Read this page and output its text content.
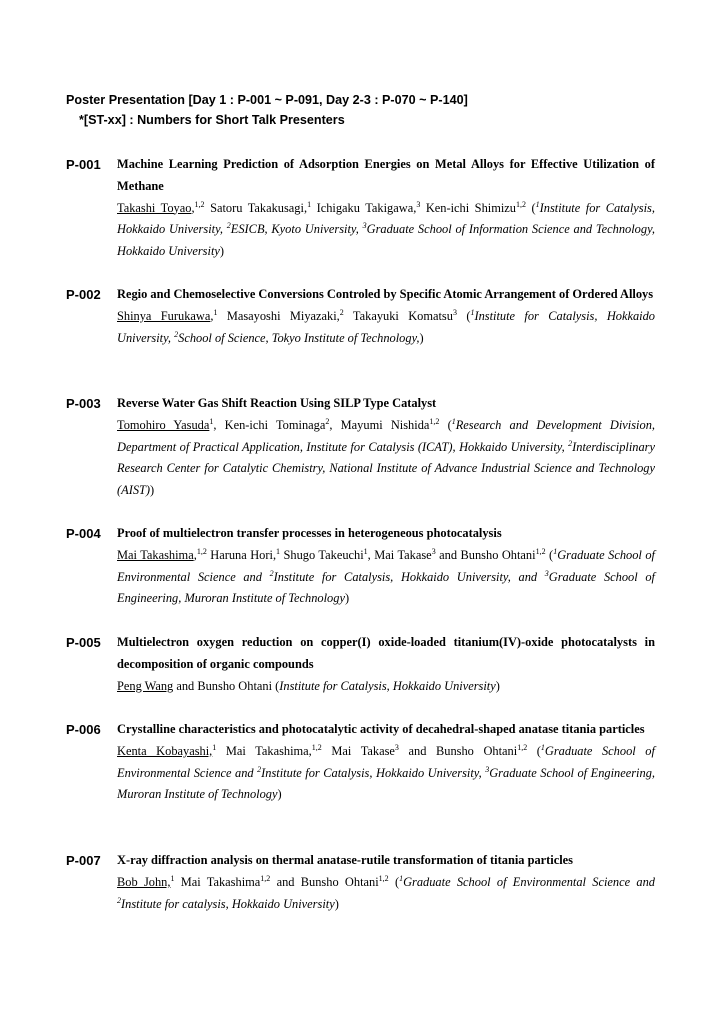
Poster Presentation [Day 1 : P-001 ~ P-091, Day 2-3 : P-070 ~ P-140]
*[ST-xx] : Numbers for Short Talk Presenters
P-001 Machine Learning Prediction of Adsorption Energies on Metal Alloys for Effective Utilization of Methane
Takashi Toyao,$^{1,2}$ Satoru Takakusagi,$^1$ Ichigaku Takigawa,$^3$ Ken-ichi Shimizu$^{1,2}$ ($^1$Institute for Catalysis, Hokkaido University, $^2$ESICB, Kyoto University, $^3$Graduate School of Information Science and Technology, Hokkaido University)
P-002 Regio and Chemoselective Conversions Controled by Specific Atomic Arrangement of Ordered Alloys
Shinya Furukawa,$^1$ Masayoshi Miyazaki,$^2$ Takayuki Komatsu$^3$ ($^1$Institute for Catalysis, Hokkaido University, $^2$School of Science, Tokyo Institute of Technology,)
P-003 Reverse Water Gas Shift Reaction Using SILP Type Catalyst
Tomohiro Yasuda$^1$, Ken-ichi Tominaga$^2$, Mayumi Nishida$^{1,2}$ ($^1$Research and Development Division, Department of Practical Application, Institute for Catalysis (ICAT), Hokkaido University, $^2$Interdisciplinary Research Center for Catalytic Chemistry, National Institute of Advance Industrial Science and Technology (AIST))
P-004 Proof of multielectron transfer processes in heterogeneous photocatalysis
Mai Takashima,$^{1,2}$ Haruna Hori,$^1$ Shugo Takeuchi$^1$, Mai Takase$^3$ and Bunsho Ohtani$^{1,2}$ ($^1$Graduate School of Environmental Science and $^2$Institute for Catalysis, Hokkaido University, and $^3$Graduate School of Engineering, Muroran Institute of Technology)
P-005 Multielectron oxygen reduction on copper(I) oxide-loaded titanium(IV)-oxide photocatalysts in decomposition of organic compounds
Peng Wang and Bunsho Ohtani (Institute for Catalysis, Hokkaido University)
P-006 Crystalline characteristics and photocatalytic activity of decahedral-shaped anatase titania particles
Kenta Kobayashi,$^1$ Mai Takashima,$^{1,2}$ Mai Takase$^3$ and Bunsho Ohtani$^{1,2}$ ($^1$Graduate School of Environmental Science and $^2$Institute for Catalysis, Hokkaido University, $^3$Graduate School of Engineering, Muroran Institute of Technology)
P-007 X-ray diffraction analysis on thermal anatase-rutile transformation of titania particles
Bob John,$^1$ Mai Takashima$^{1,2}$ and Bunsho Ohtani$^{1,2}$ ($^1$Graduate School of Environmental Science and $^2$Institute for catalysis, Hokkaido University)
